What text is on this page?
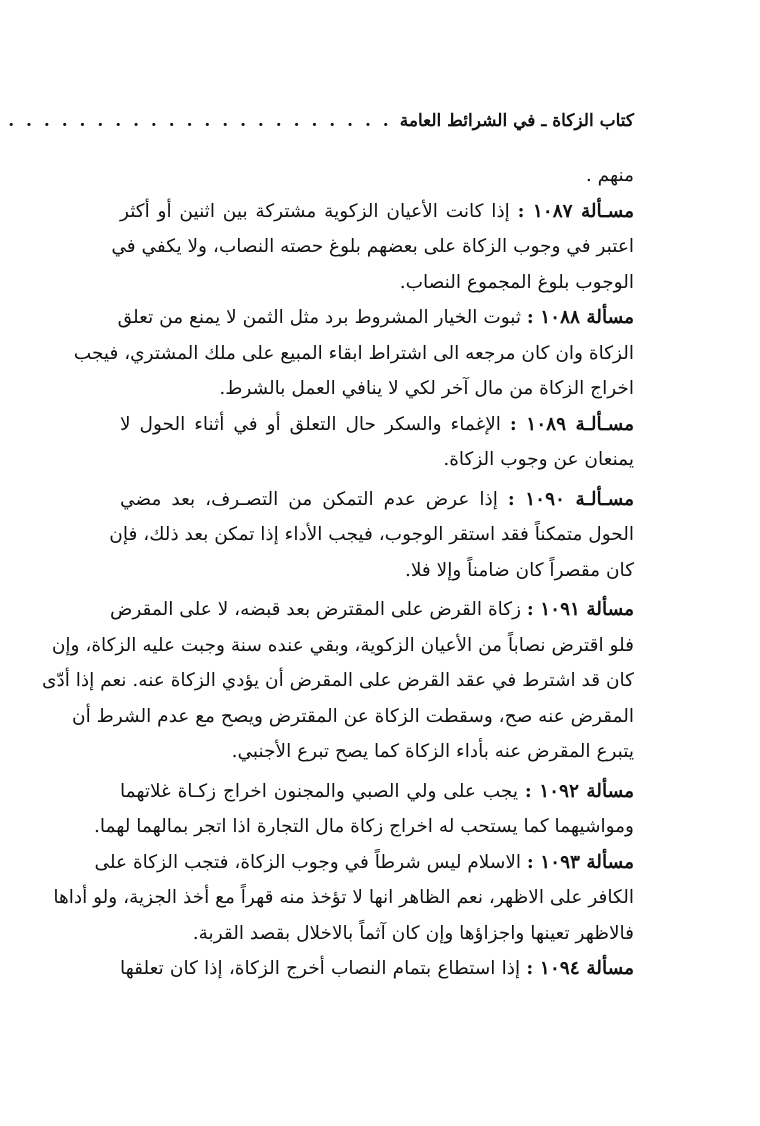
كتاب الزكاة ـ في الشرائط العامة
. . .
منهم .
مسـألة ١٠٨٧ : إذا كانت الأعيان الزكوية مشتركة بين اثنين أو أكثر
اعتبر في وجوب الزكاة على بعضهم بلوغ حصته النصاب، ولا يكفي في
الوجوب بلوغ المجموع النصاب.
مسألة ١٠٨٨ : ثبوت الخيار المشروط برد مثل الثمن لا يمنع من تعلق
الزكاة وان كان مرجعه الى اشتراط ابقاء المبيع على ملك المشتري، فيجب
اخراج الزكاة من مال آخر لكي لا ينافي العمل بالشرط.
مسـألـة ١٠٨٩ : الإغماء والسكر حال التعلق أو في أثناء الحول لا
يمنعان عن وجوب الزكاة.
مسـألـة ١٠٩٠ : إذا عرض عدم التمكن من التصـرف، بعد مضي
الحول متمكناً فقد استقر الوجوب، فيجب الأداء إذا تمكن بعد ذلك، فإن
كان مقصراً كان ضامناً وإلا فلا.
مسألة ١٠٩١ : زكاة القرض على المقترض بعد قبضه، لا على المقرض
فلو اقترض نصاباً من الأعيان الزكوية، وبقي عنده سنة وجبت عليه الزكاة، وإن
كان قد اشترط في عقد القرض على المقرض أن يؤدي الزكاة عنه. نعم إذا أدّى
المقرض عنه صح، وسقطت الزكاة عن المقترض ويصح مع عدم الشرط أن
يتبرع المقرض عنه بأداء الزكاة كما يصح تبرع الأجنبي.
مسألة ١٠٩٢ : يجب على ولي الصبي والمجنون اخراج زكـاة غلاتهما
ومواشيهما كما يستحب له اخراج زكاة مال التجارة اذا اتجر بمالهما لهما.
مسألة ١٠٩٣ : الاسلام ليس شرطاً في وجوب الزكاة، فتجب الزكاة على
الكافر على الاظهر، نعم الظاهر انها لا تؤخذ منه قهراً مع أخذ الجزية، ولو أداها
فالاظهر تعينها واجزاؤها وإن كان آثماً بالاخلال بقصد القربة.
مسألة ١٠٩٤ : إذا استطاع بتمام النصاب أخرج الزكاة، إذا كان تعلقها
